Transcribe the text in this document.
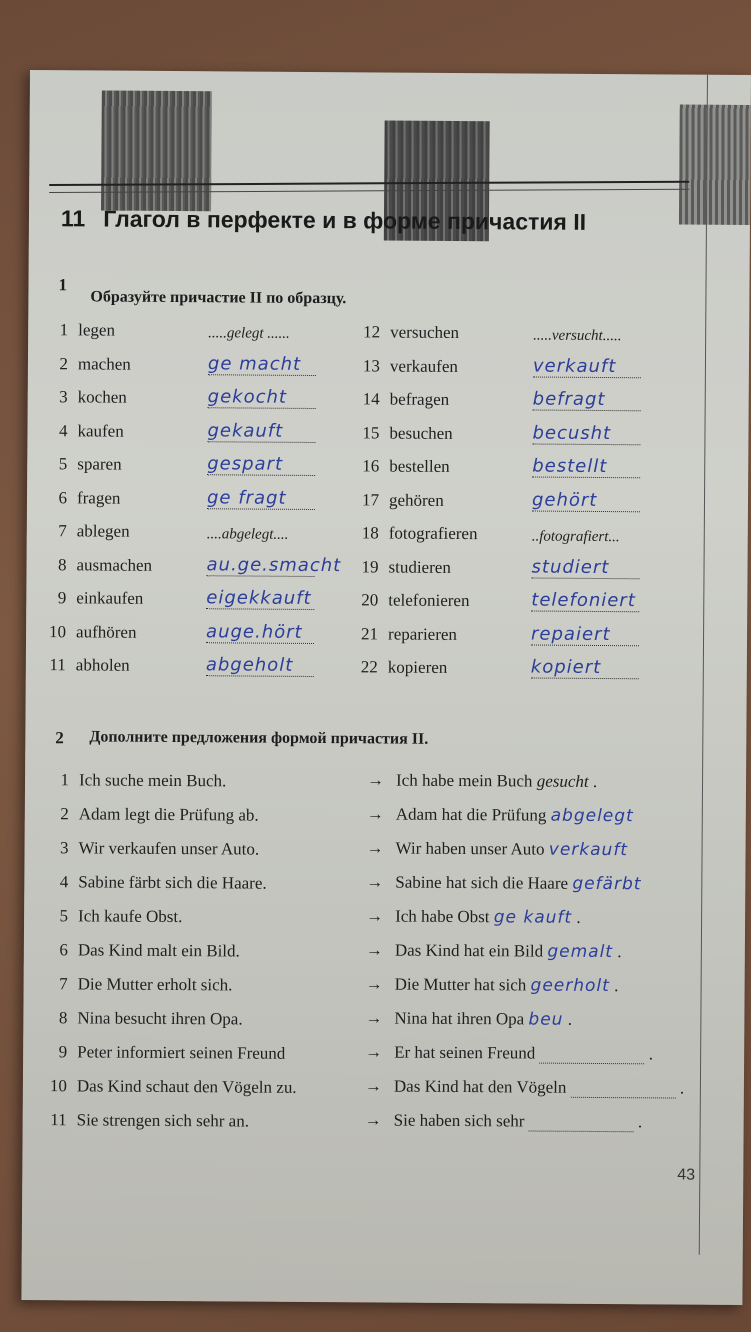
11 Глагол в перфекте и в форме причастия II
1
Образуйте причастие II по образцу.
1 legen	.....gelegt ......
2 machen	ge macht
3 kochen	gekocht
4 kaufen	gekauft
5 sparen	gespart
6 fragen	ge fragt
7 ablegen	....abgelegt....
8 ausmachen	au.ge.smacht
9 einkaufen	eigekkauft
10 aufhören	auge.hört
11 abholen	abgeholt
12 versuchen	.....versucht.....
13 verkaufen	verkauft
14 befragen	befragt
15 besuchen	becusht
16 bestellen	bestellt
17 gehören	gehört
18 fotografieren	..fotografiert...
19 studieren	studiert
20 telefonieren	telefoniert
21 reparieren	repaiert
22 kopieren	kopiert
2 Дополните предложения формой причастия II.
1 Ich suche mein Buch.	→ Ich habe mein Buch gesucht .
2 Adam legt die Prüfung ab.	→ Adam hat die Prüfung abgelegt
3 Wir verkaufen unser Auto.	→ Wir haben unser Auto verkauft
4 Sabine färbt sich die Haare.	→ Sabine hat sich die Haare gefärbt
5 Ich kaufe Obst.	→ Ich habe Obst ge kauft .
6 Das Kind malt ein Bild.	→ Das Kind hat ein Bild gemalt .
7 Die Mutter erholt sich.	→ Die Mutter hat sich geerholt .
8 Nina besucht ihren Opa.	→ Nina hat ihren Opa beu .
9 Peter informiert seinen Freund	→ Er hat seinen Freund	.
10 Das Kind schaut den Vögeln zu.	→ Das Kind hat den Vögeln	.
11 Sie strengen sich sehr an.	→ Sie haben sich sehr	.
43
